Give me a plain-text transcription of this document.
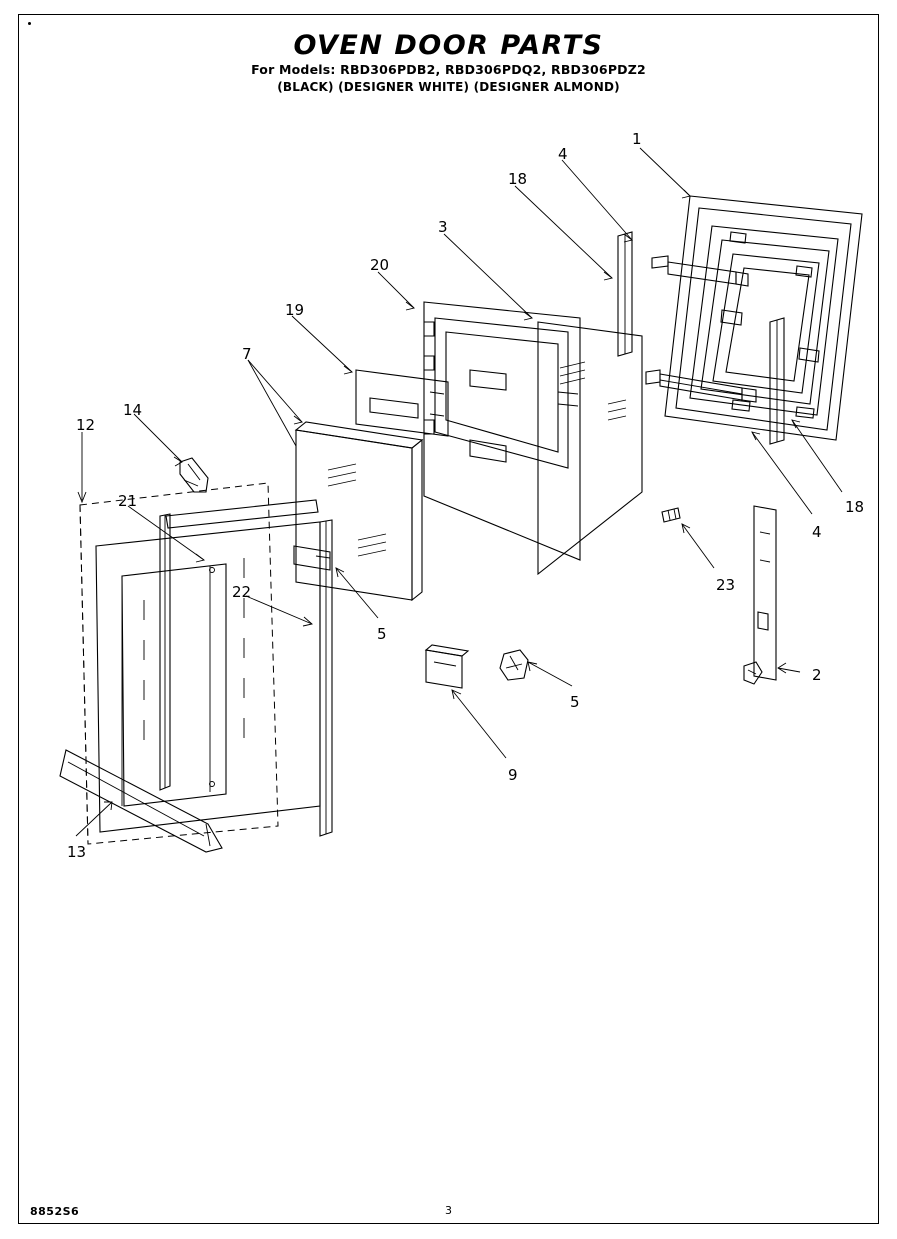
OVEN DOOR PARTS
For Models: RBD306PDB2, RBD306PDQ2, RBD306PDZ2
(BLACK) (DESIGNER WHITE) (DESIGNER ALMOND)
1
4
18
3
20
19
7
14
12
21
22
18
4
23
5
2
5
9
13
8852S6	3
